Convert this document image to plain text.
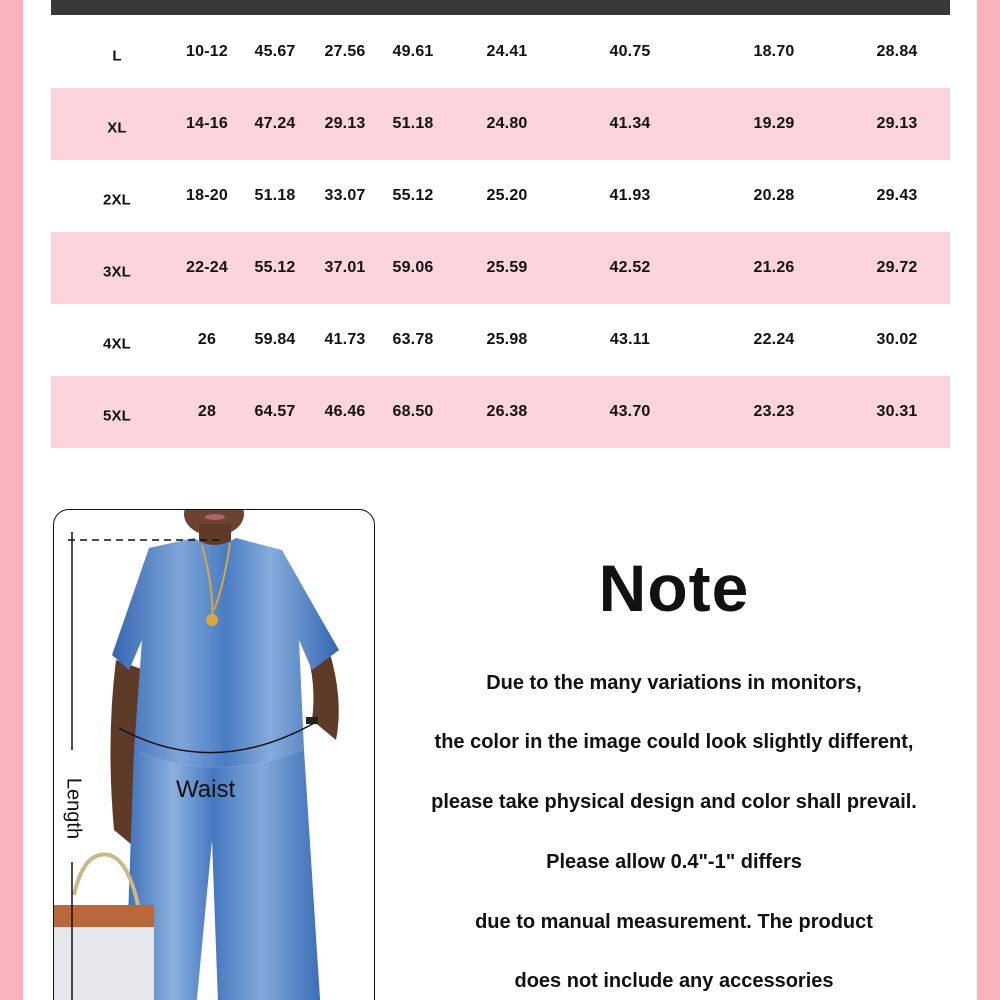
L	10-12 45.67 27.56 49.61	24.41	40.75	18.70	28.84
XL	14-16 47.24 29.13 51.18	24.80	41.34	19.29	29.13
2XL	18-20 51.18 33.07 55.12	25.20	41.93	20.28	29.43
3XL	22-24 55.12 37.01 59.06	25.59	42.52	21.26	29.72
4XL	26 59.84 41.73 63.78	25.98	43.11	22.24	30.02
5XL	28 64.57 46.46 68.50	26.38	43.70	23.23	30.31
Length	Waist
Note
Due to the many variations in monitors,
the color in the image could look slightly different,
please take physical design and color shall prevail.
Please allow 0.4"-1" differs
due to manual measurement. The product
does not include any accessories
